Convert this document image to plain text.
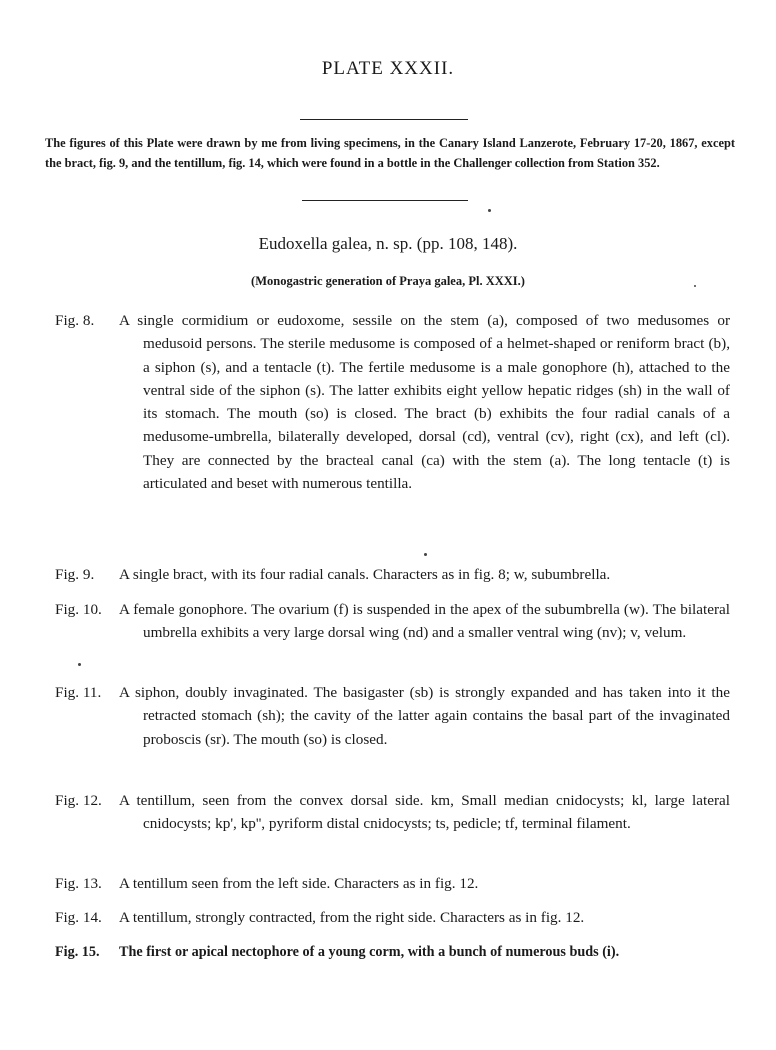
PLATE XXXII.
The figures of this Plate were drawn by me from living specimens, in the Canary Island Lanzerote, February 17-20, 1867, except the bract, fig. 9, and the tentillum, fig. 14, which were found in a bottle in the Challenger collection from Station 352.
Eudoxella galea, n. sp. (pp. 108, 148).
(Monogastric generation of Praya galea, Pl. XXXI.)
Fig. 8. A single cormidium or eudoxome, sessile on the stem (a), composed of two medusomes or medusoid persons. The sterile medusome is composed of a helmet-shaped or reniform bract (b), a siphon (s), and a tentacle (t). The fertile medusome is a male gonophore (h), attached to the ventral side of the siphon (s). The latter exhibits eight yellow hepatic ridges (sh) in the wall of its stomach. The mouth (so) is closed. The bract (b) exhibits the four radial canals of a medusome-umbrella, bilaterally developed, dorsal (cd), ventral (cv), right (cx), and left (cl). They are connected by the bracteal canal (ca) with the stem (a). The long tentacle (t) is articulated and beset with numerous tentilla.
Fig. 9. A single bract, with its four radial canals. Characters as in fig. 8; w, subumbrella.
Fig. 10. A female gonophore. The ovarium (f) is suspended in the apex of the subumbrella (w). The bilateral umbrella exhibits a very large dorsal wing (nd) and a smaller ventral wing (nv); v, velum.
Fig. 11. A siphon, doubly invaginated. The basigaster (sb) is strongly expanded and has taken into it the retracted stomach (sh); the cavity of the latter again contains the basal part of the invaginated proboscis (sr). The mouth (so) is closed.
Fig. 12. A tentillum, seen from the convex dorsal side. km, Small median cnidocysts; kl, large lateral cnidocysts; kp', kp'', pyriform distal cnidocysts; ts, pedicle; tf, terminal filament.
Fig. 13. A tentillum seen from the left side. Characters as in fig. 12.
Fig. 14. A tentillum, strongly contracted, from the right side. Characters as in fig. 12.
Fig. 15. The first or apical nectophore of a young corm, with a bunch of numerous buds (i).
